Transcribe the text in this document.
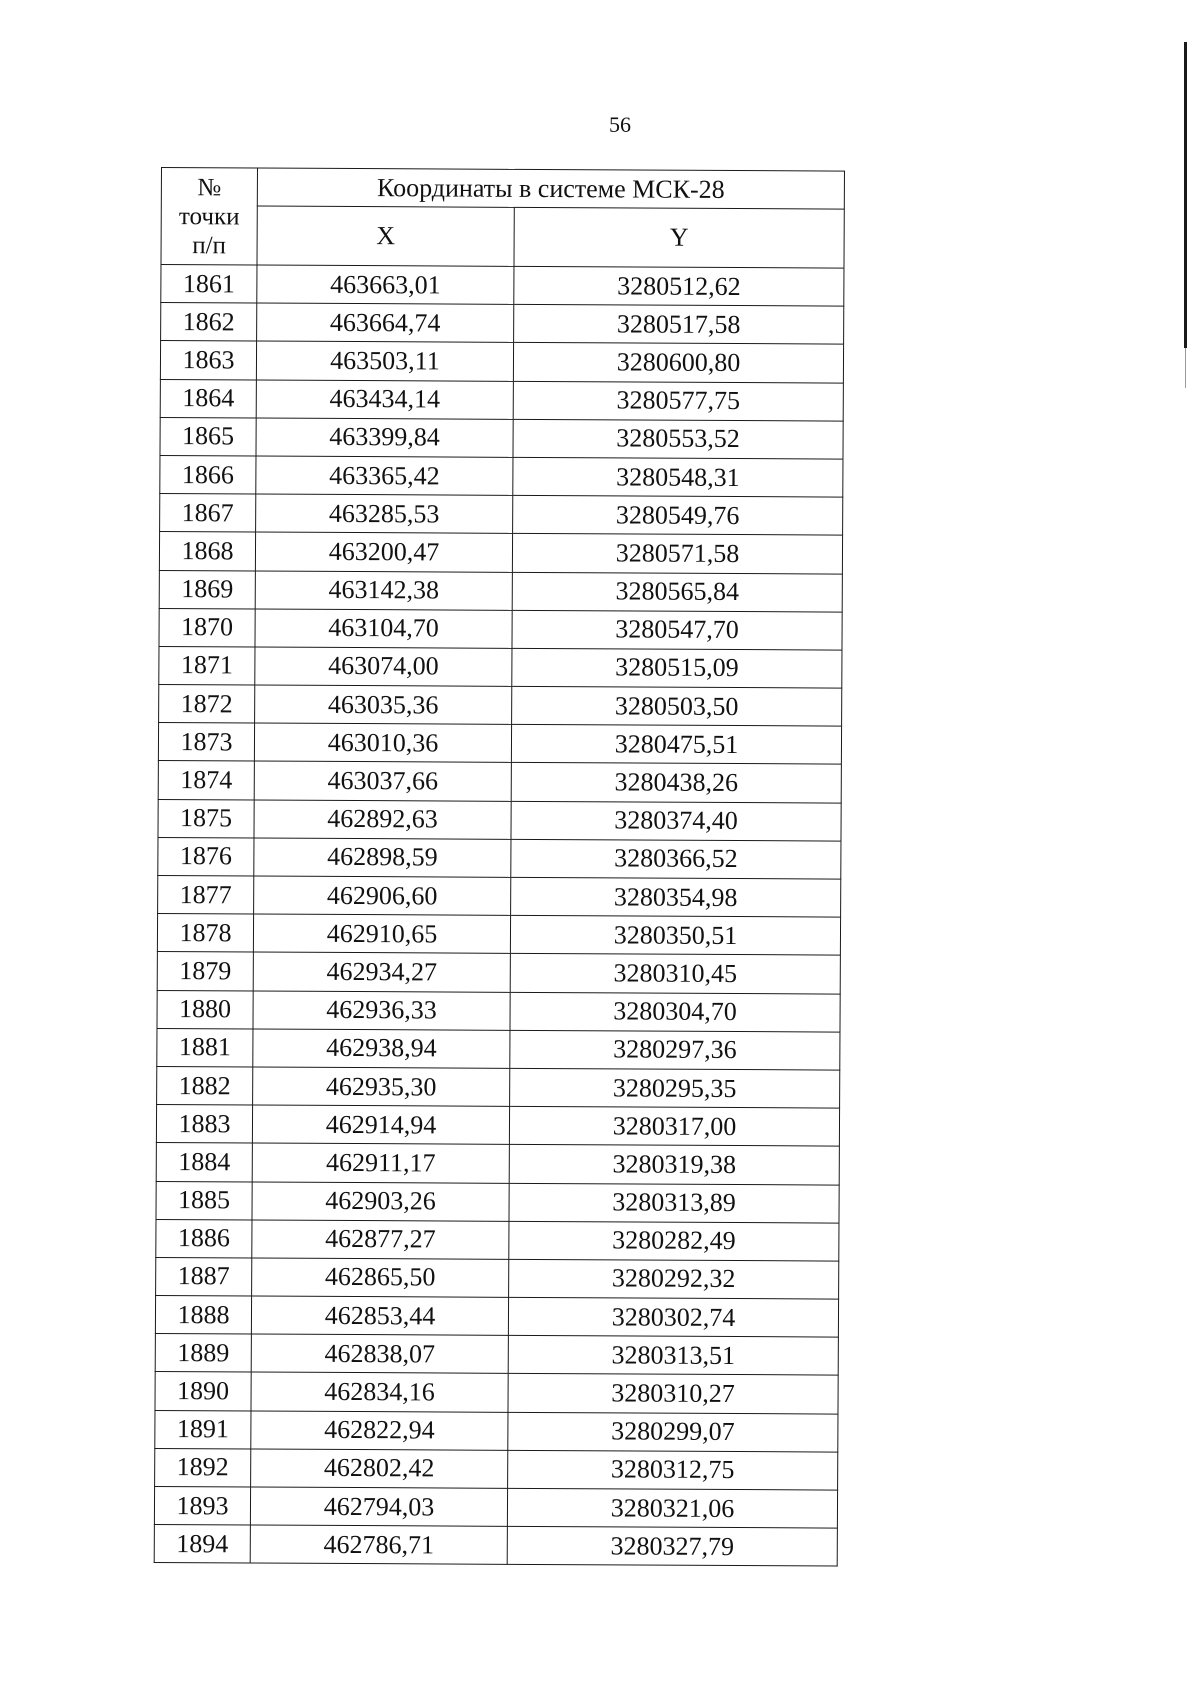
56
№
точки
п/п	Координаты в системе МСК-28	
	X	Y
1861	463663,01	3280512,62
1862	463664,74	3280517,58
1863	463503,11	3280600,80
1864	463434,14	3280577,75
1865	463399,84	3280553,52
1866	463365,42	3280548,31
1867	463285,53	3280549,76
1868	463200,47	3280571,58
1869	463142,38	3280565,84
1870	463104,70	3280547,70
1871	463074,00	3280515,09
1872	463035,36	3280503,50
1873	463010,36	3280475,51
1874	463037,66	3280438,26
1875	462892,63	3280374,40
1876	462898,59	3280366,52
1877	462906,60	3280354,98
1878	462910,65	3280350,51
1879	462934,27	3280310,45
1880	462936,33	3280304,70
1881	462938,94	3280297,36
1882	462935,30	3280295,35
1883	462914,94	3280317,00
1884	462911,17	3280319,38
1885	462903,26	3280313,89
1886	462877,27	3280282,49
1887	462865,50	3280292,32
1888	462853,44	3280302,74
1889	462838,07	3280313,51
1890	462834,16	3280310,27
1891	462822,94	3280299,07
1892	462802,42	3280312,75
1893	462794,03	3280321,06
1894	462786,71	3280327,79
